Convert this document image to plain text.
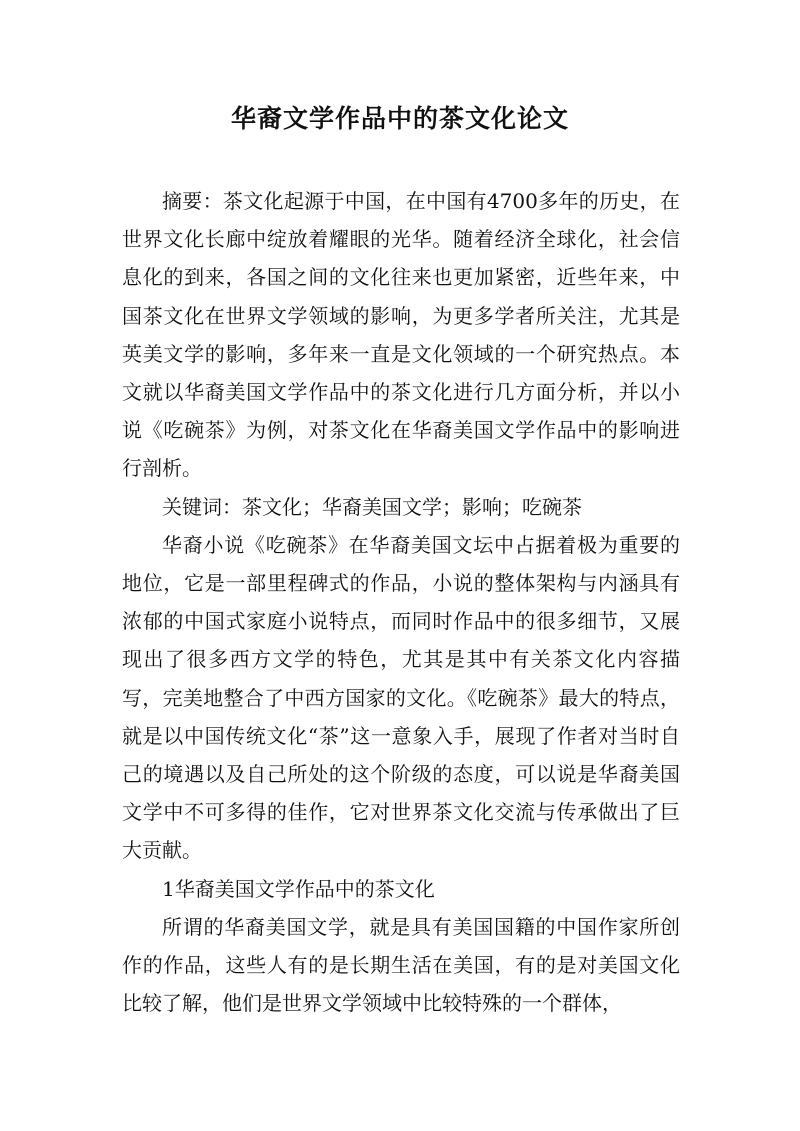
华裔文学作品中的茶文化论文

摘要：茶文化起源于中国，在中国有4700多年的历史，在世界文化长廊中绽放着耀眼的光华。随着经济全球化，社会信息化的到来，各国之间的文化往来也更加紧密，近些年来，中国茶文化在世界文学领域的影响，为更多学者所关注，尤其是英美文学的影响，多年来一直是文化领域的一个研究热点。本文就以华裔美国文学作品中的茶文化进行几方面分析，并以小说《吃碗茶》为例，对茶文化在华裔美国文学作品中的影响进行剖析。

关键词：茶文化；华裔美国文学；影响；吃碗茶

华裔小说《吃碗茶》在华裔美国文坛中占据着极为重要的地位，它是一部里程碑式的作品，小说的整体架构与内涵具有浓郁的中国式家庭小说特点，而同时作品中的很多细节，又展现出了很多西方文学的特色，尤其是其中有关茶文化内容描写，完美地整合了中西方国家的文化。《吃碗茶》最大的特点，就是以中国传统文化“茶”这一意象入手，展现了作者对当时自己的境遇以及自己所处的这个阶级的态度，可以说是华裔美国文学中不可多得的佳作，它对世界茶文化交流与传承做出了巨大贡献。

1华裔美国文学作品中的茶文化

所谓的华裔美国文学，就是具有美国国籍的中国作家所创作的作品，这些人有的是长期生活在美国，有的是对美国文化比较了解，他们是世界文学领域中比较特殊的一个群体，
